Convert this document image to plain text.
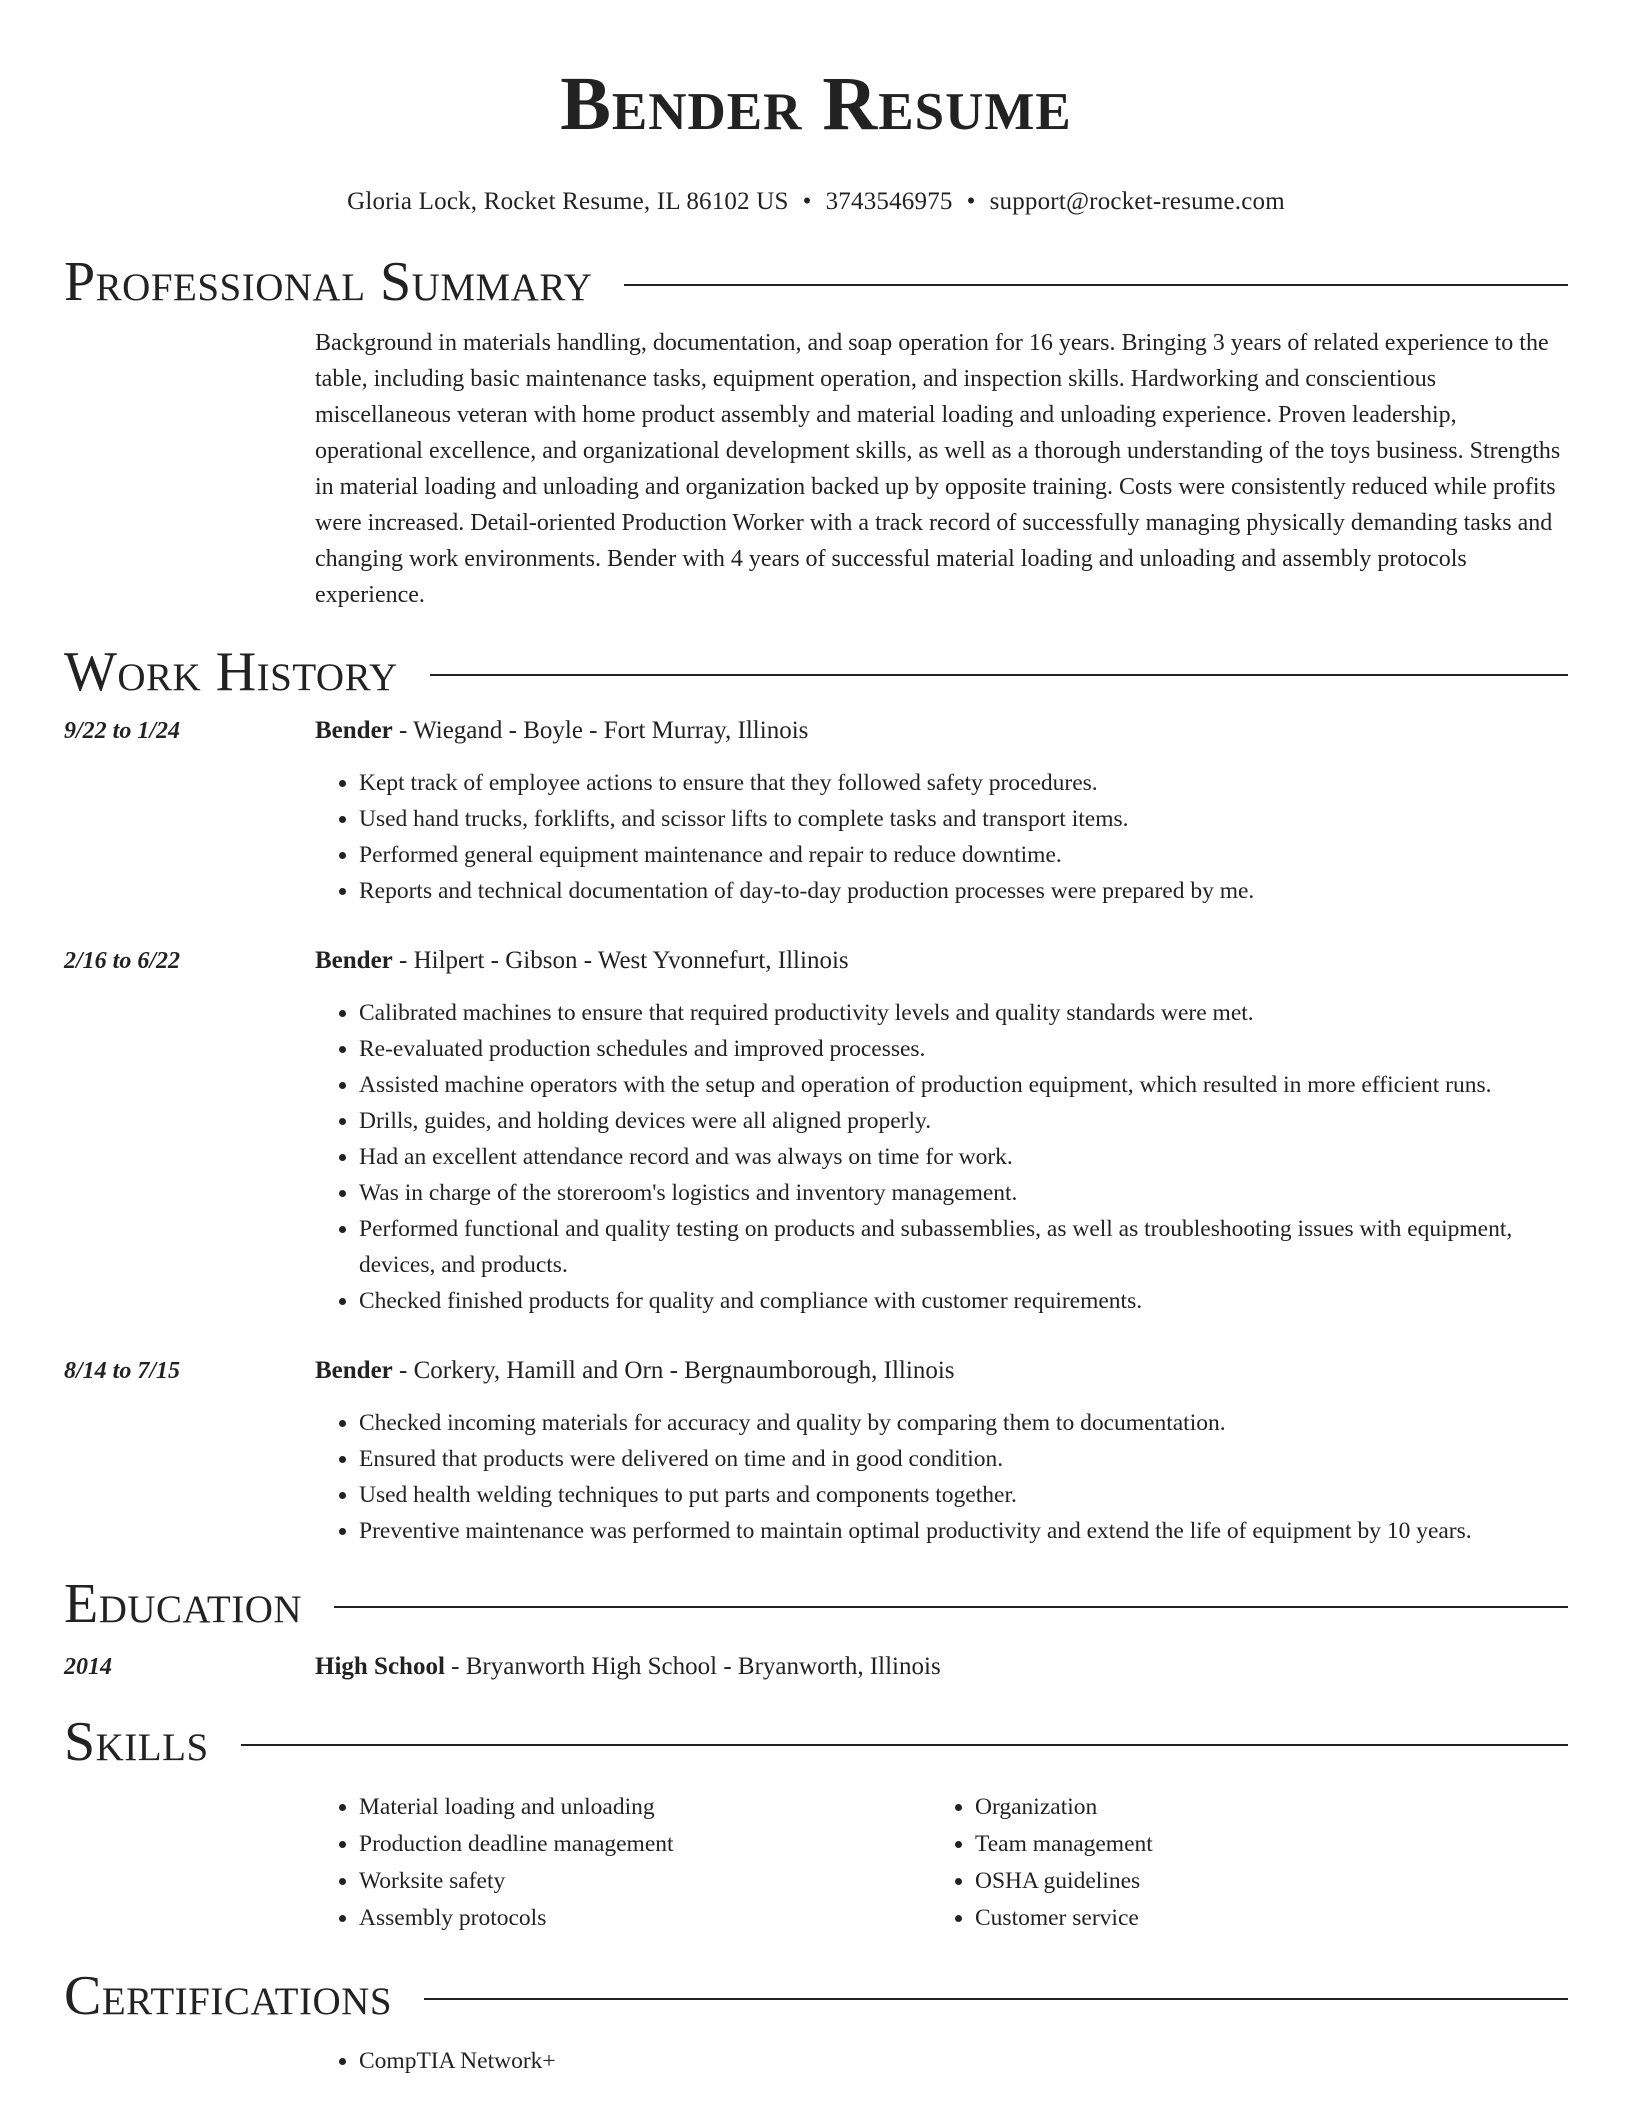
Bender Resume
Gloria Lock, Rocket Resume, IL 86102 US • 3743546975 • support@rocket-resume.com
Professional Summary

Background in materials handling, documentation, and soap operation for 16 years. Bringing 3 years of related experience to the table, including basic maintenance tasks, equipment operation, and inspection skills. Hardworking and conscientious miscellaneous veteran with home product assembly and material loading and unloading experience. Proven leadership, operational excellence, and organizational development skills, as well as a thorough understanding of the toys business. Strengths in material loading and unloading and organization backed up by opposite training. Costs were consistently reduced while profits were increased. Detail-oriented Production Worker with a track record of successfully managing physically demanding tasks and changing work environments. Bender with 4 years of successful material loading and unloading and assembly protocols experience.

Work History
9/22 to 1/24	Bender - Wiegand - Boyle - Fort Murray, Illinois
• Kept track of employee actions to ensure that they followed safety procedures.
• Used hand trucks, forklifts, and scissor lifts to complete tasks and transport items.
• Performed general equipment maintenance and repair to reduce downtime.
• Reports and technical documentation of day-to-day production processes were prepared by me.
2/16 to 6/22	Bender - Hilpert - Gibson - West Yvonnefurt, Illinois
• Calibrated machines to ensure that required productivity levels and quality standards were met.
• Re-evaluated production schedules and improved processes.
• Assisted machine operators with the setup and operation of production equipment, which resulted in more efficient runs.
• Drills, guides, and holding devices were all aligned properly.
• Had an excellent attendance record and was always on time for work.
• Was in charge of the storeroom's logistics and inventory management.
• Performed functional and quality testing on products and subassemblies, as well as troubleshooting issues with equipment, devices, and products.
• Checked finished products for quality and compliance with customer requirements.
8/14 to 7/15	Bender - Corkery, Hamill and Orn - Bergnaumborough, Illinois
• Checked incoming materials for accuracy and quality by comparing them to documentation.
• Ensured that products were delivered on time and in good condition.
• Used health welding techniques to put parts and components together.
• Preventive maintenance was performed to maintain optimal productivity and extend the life of equipment by 10 years.
Education
2014	High School - Bryanworth High School - Bryanworth, Illinois
Skills
• Material loading and unloading
• Production deadline management
• Worksite safety
• Assembly protocols
• Organization
• Team management
• OSHA guidelines
• Customer service
Certifications
• CompTIA Network+
